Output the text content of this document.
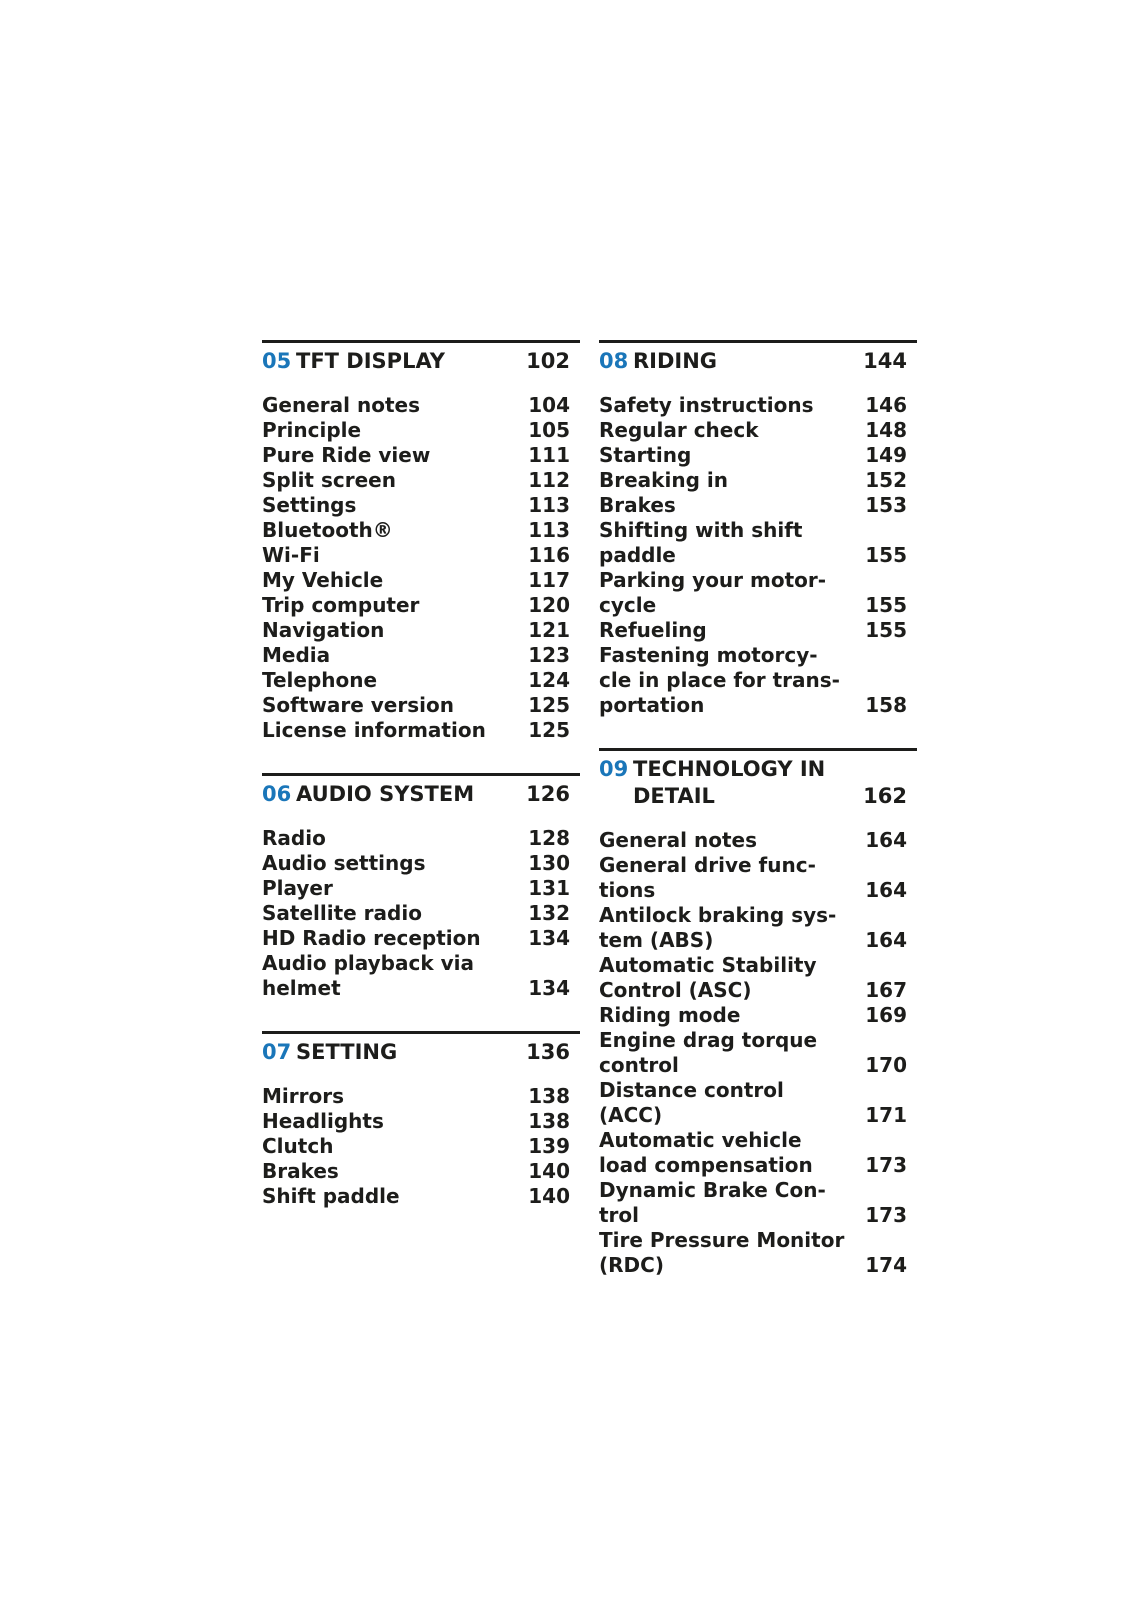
05 TFT DISPLAY	102
General notes	104
Principle	105
Pure Ride view	111
Split screen	112
Settings	113
Bluetooth®	113
Wi-Fi	116
My Vehicle	117
Trip computer	120
Navigation	121
Media	123
Telephone	124
Software version	125
License information	125
06 AUDIO SYSTEM	126
Radio	128
Audio settings	130
Player	131
Satellite radio	132
HD Radio reception	134
Audio playback via
helmet	134
07 SETTING	136
Mirrors	138
Headlights	138
Clutch	139
Brakes	140
Shift paddle	140
08 RIDING	144
Safety instructions	146
Regular check	148
Starting	149
Breaking in	152
Brakes	153
Shifting with shift
paddle	155
Parking your motor-
cycle	155
Refueling	155
Fastening motorcy-
cle in place for trans-
portation	158
09 TECHNOLOGY IN
DETAIL	162
General notes	164
General drive func-
tions	164
Antilock braking sys-
tem (ABS)	164
Automatic Stability
Control (ASC)	167
Riding mode	169
Engine drag torque
control	170
Distance control
(ACC)	171
Automatic vehicle
load compensation	173
Dynamic Brake Con-
trol	173
Tire Pressure Monitor
(RDC)	174
